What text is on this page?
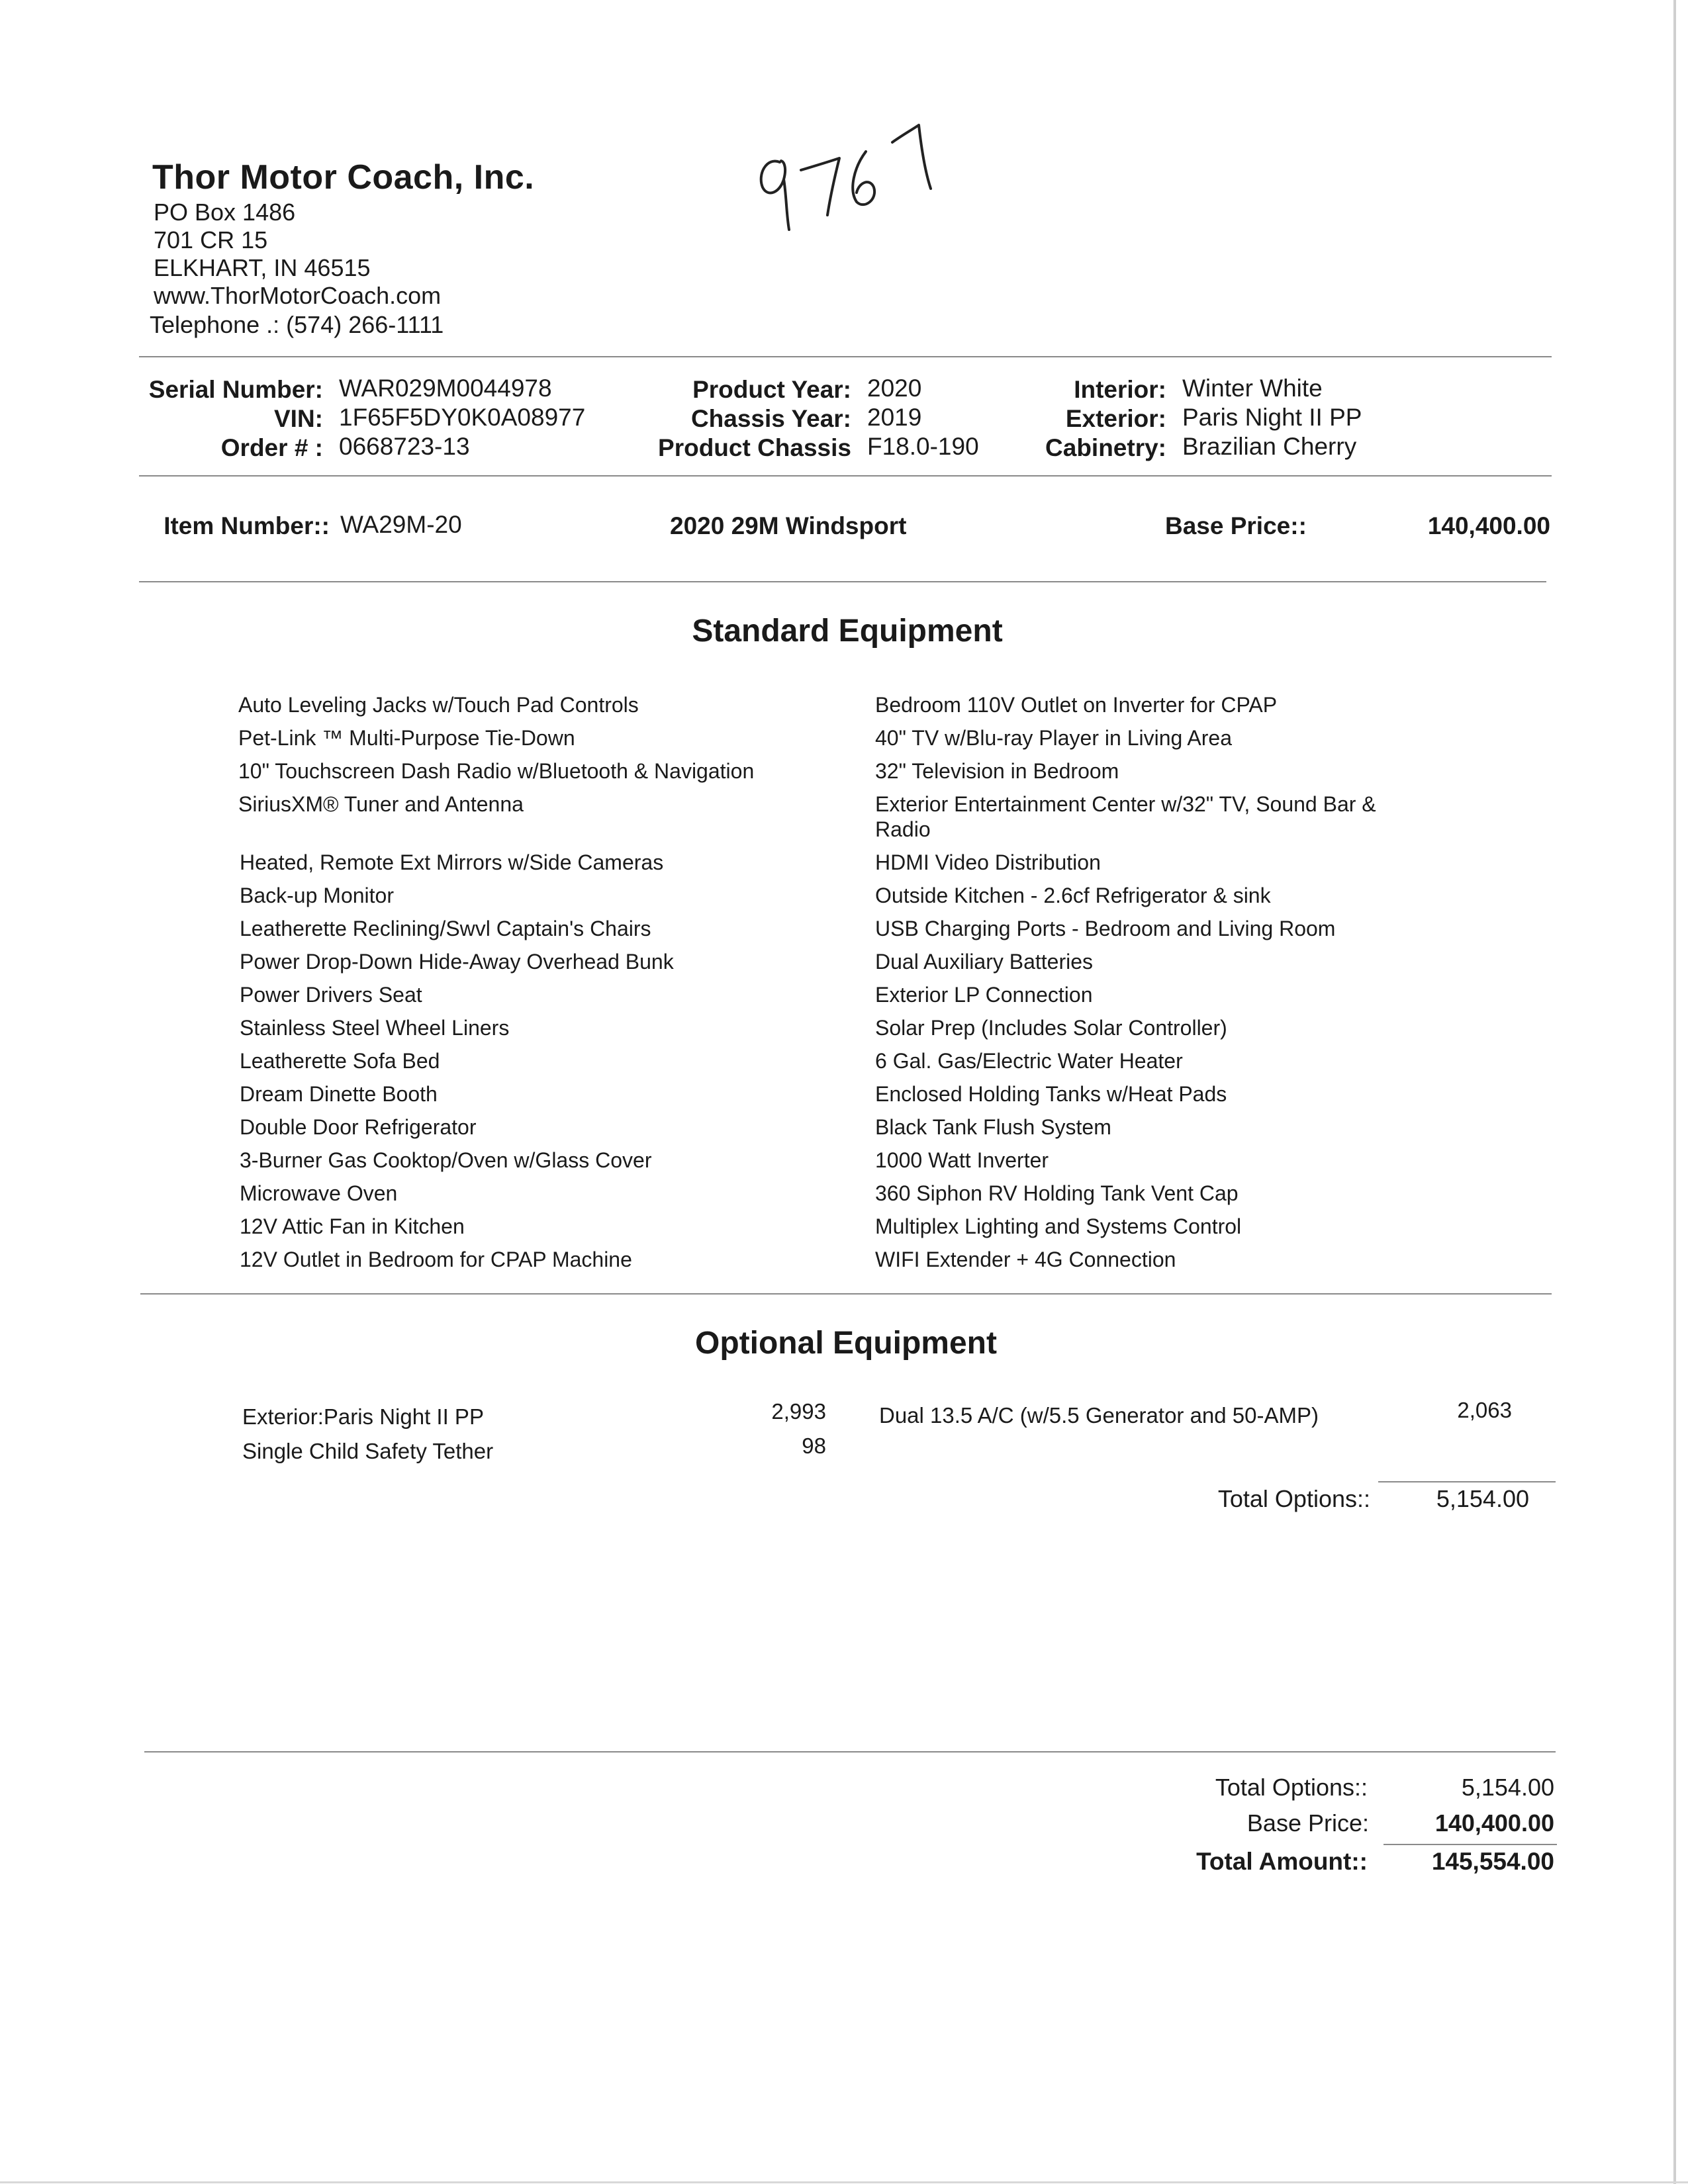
Thor Motor Coach, Inc.
PO Box 1486
701 CR 15
ELKHART, IN 46515
www.ThorMotorCoach.com
Telephone .: (574) 266-1111
Serial Number: WAR029M0044978
VIN: 1F65F5DY0K0A08977
Order # : 0668723-13
Product Year: 2020
Chassis Year: 2019
Product Chassis F18.0-190
Interior: Winter White
Exterior: Paris Night II PP
Cabinetry: Brazilian Cherry
Item Number:: WA29M-20	2020 29M Windsport	Base Price::	140,400.00
Standard Equipment
Auto Leveling Jacks w/Touch Pad Controls
Pet-Link ™ Multi-Purpose Tie-Down
10" Touchscreen Dash Radio w/Bluetooth & Navigation
SiriusXM® Tuner and Antenna
Heated, Remote Ext Mirrors w/Side Cameras
Back-up Monitor
Leatherette Reclining/Swvl Captain's Chairs
Power Drop-Down Hide-Away Overhead Bunk
Power Drivers Seat
Stainless Steel Wheel Liners
Leatherette Sofa Bed
Dream Dinette Booth
Double Door Refrigerator
3-Burner Gas Cooktop/Oven w/Glass Cover
Microwave Oven
12V Attic Fan in Kitchen
12V Outlet in Bedroom for CPAP Machine
Bedroom 110V Outlet on Inverter for CPAP
40" TV w/Blu-ray Player in Living Area
32" Television in Bedroom
Exterior Entertainment Center w/32" TV, Sound Bar &
Radio
HDMI Video Distribution
Outside Kitchen - 2.6cf Refrigerator & sink
USB Charging Ports - Bedroom and Living Room
Dual Auxiliary Batteries
Exterior LP Connection
Solar Prep (Includes Solar Controller)
6 Gal. Gas/Electric Water Heater
Enclosed Holding Tanks w/Heat Pads
Black Tank Flush System
1000 Watt Inverter
360 Siphon RV Holding Tank Vent Cap
Multiplex Lighting and Systems Control
WIFI Extender + 4G Connection
Optional Equipment
Exterior:Paris Night II PP	2,993
Single Child Safety Tether	98
Dual 13.5 A/C (w/5.5 Generator and 50-AMP)	2,063
Total Options::	5,154.00
Total Options::	5,154.00
Base Price:	140,400.00
Total Amount::	145,554.00
